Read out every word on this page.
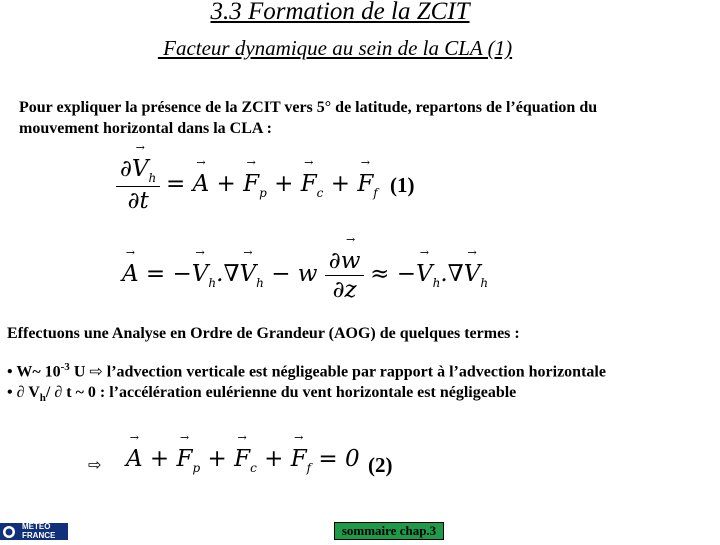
3.3 Formation de la ZCIT
Facteur dynamique au sein de la CLA (1)
Pour expliquer la présence de la ZCIT vers 5° de latitude, repartons de l’équation du
mouvement horizontal dans la CLA :
∂V
→
$_h$
∂t = A
→
+ F
→
$_p$ + F
→
$_c$ + F
→
$_f$ (1)
A
→
= −V
→
$_h$.∇V
→
$_h$ − w ∂w
→
∂z ≈ −V
→
$_h$.∇V
→
$_h$
Effectuons une Analyse en Ordre de Grandeur (AOG) de quelques termes :
• W~ $10^{-3}$ U ⇨ l’advection verticale est négligeable par rapport à l’advection horizontale
• ∂ $V_h/$ ∂ t ~ 0 : l’accélération eulérienne du vent horizontale est négligeable
⇨ A
→
+ F
→
$_p$ + F
→
$_c$ + F
→
$_f$ = 0 (2)
METEO FRANCE	sommaire chap.3
